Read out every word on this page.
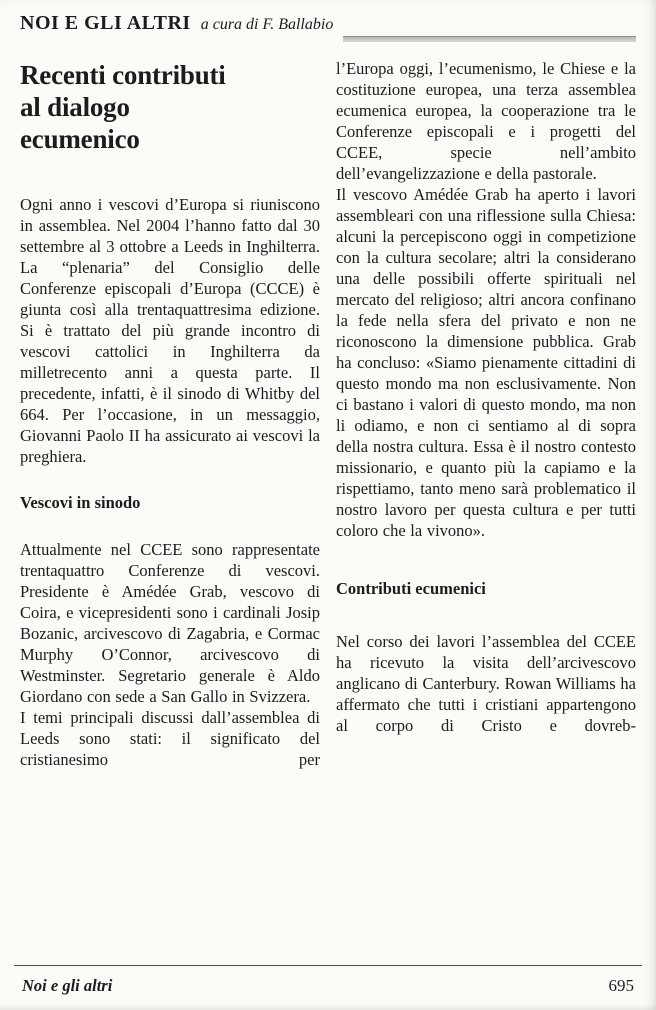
NOI E GLI ALTRI a cura di F. Ballabio
Recenti contributi
al dialogo
ecumenico

Ogni anno i vescovi d’Europa si riuniscono in assemblea. Nel 2004 l’hanno fatto dal 30 settembre al 3 ottobre a Leeds in Inghilterra. La “plenaria” del Consiglio delle Conferenze episcopali d’Europa (CCCE) è giunta così alla trentaquattresima edizione. Si è trattato del più grande incontro di vescovi cattolici in Inghilterra da milletrecento anni a questa parte. Il precedente, infatti, è il sinodo di Whitby del 664. Per l’occasione, in un messaggio, Giovanni Paolo II ha assicurato ai vescovi la preghiera.

Vescovi in sinodo

Attualmente nel CCEE sono rappresentate trentaquattro Conferenze di vescovi. Presidente è Amédée Grab, vescovo di Coira, e vicepresidenti sono i cardinali Josip Bozanic, arcivescovo di Zagabria, e Cormac Murphy O’Connor, arcivescovo di Westminster. Segretario generale è Aldo Giordano con sede a San Gallo in Svizzera.

I temi principali discussi dall’assemblea di Leeds sono stati: il significato del cristianesimo per

l’Europa oggi, l’ecumenismo, le Chiese e la costituzione europea, una terza assemblea ecumenica europea, la cooperazione tra le Conferenze episcopali e i progetti del CCEE, specie nell’ambito dell’evangelizzazione e della pastorale.

Il vescovo Amédée Grab ha aperto i lavori assembleari con una riflessione sulla Chiesa: alcuni la percepiscono oggi in competizione con la cultura secolare; altri la considerano una delle possibili offerte spirituali nel mercato del religioso; altri ancora confinano la fede nella sfera del privato e non ne riconoscono la dimensione pubblica. Grab ha concluso: «Siamo pienamente cittadini di questo mondo ma non esclusivamente. Non ci bastano i valori di questo mondo, ma non li odiamo, e non ci sentiamo al di sopra della nostra cultura. Essa è il nostro contesto missionario, e quanto più la capiamo e la rispettiamo, tanto meno sarà problematico il nostro lavoro per questa cultura e per tutti coloro che la vivono».

Contributi ecumenici

Nel corso dei lavori l’assemblea del CCEE ha ricevuto la visita dell’arcivescovo anglicano di Canterbury. Rowan Williams ha affermato che tutti i cristiani appartengono al corpo di Cristo e dovreb-

Noi e gli altri	695
